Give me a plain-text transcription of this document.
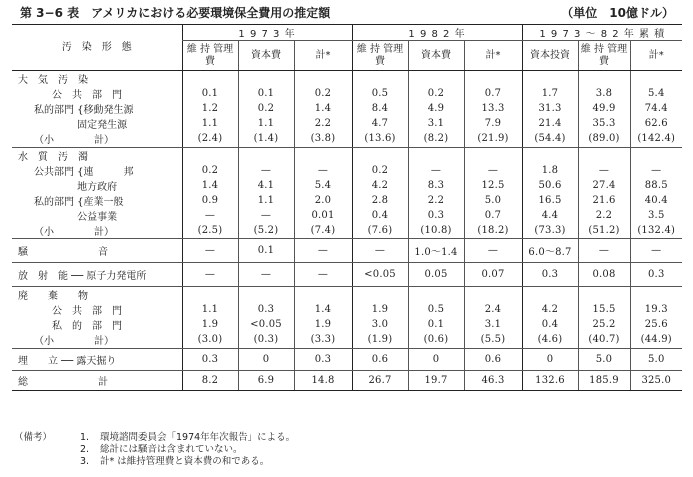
第 3−6 表　アメリカにおける必要環境保全費用の推定額	（単位　10億ドル）
汚　染　形　態	1 9 7 3 年			1 9 8 2 年			1 9 7 3 〜 8 2 年 累 積		
	維 持 管理費	資本費	計*	維 持 管理費	資本費	計*	資本投資	維 持 管理費	計*
大　気　汚　染									
公　共　部　門	0.1	0.1	0.2	0.5	0.2	0.7	1.7	3.8	5.4
私的部門 {移動発生源	1.2	0.2	1.4	8.4	4.9	13.3	31.3	49.9	74.4
　　　　 固定発生源	1.1	1.1	2.2	4.7	3.1	7.9	21.4	35.3	62.6
（小　　　　計）	(2.4)	(1.4)	(3.8)	(13.6)	(8.2)	(21.9)	(54.4)	(89.0)	(142.4)
水　質　汚　濁									
公共部門 {連　　　邦	0.2	—	—	0.2	—	—	1.8	—	—
　　　　 地方政府	1.4	4.1	5.4	4.2	8.3	12.5	50.6	27.4	88.5
私的部門 {産業一般	0.9	1.1	2.0	2.8	2.2	5.0	16.5	21.6	40.4
　　　　 公益事業	—	—	0.01	0.4	0.3	0.7	4.4	2.2	3.5
（小　　　　計）	(2.5)	(5.2)	(7.4)	(7.6)	(10.8)	(18.2)	(73.3)	(51.2)	(132.4)
騒　　　　　　　音	—	0.1	—	—	1.0〜1.4	—	6.0〜8.7	—	—
放　射　能 ── 原子力発電所	—	—	—	<0.05	0.05	0.07	0.3	0.08	0.3
廃　　棄　　物									
公　共　部　門	1.1	0.3	1.4	1.9	0.5	2.4	4.2	15.5	19.3
私　的　部　門	1.9	<0.05	1.9	3.0	0.1	3.1	0.4	25.2	25.6
（小　　　　計）	(3.0)	(0.3)	(3.3)	(1.9)	(0.6)	(5.5)	(4.6)	(40.7)	(44.9)
埋　　立 ── 露天掘り	0.3	0	0.3	0.6	0	0.6	0	5.0	5.0
総　　　　　　　計	8.2	6.9	14.8	26.7	19.7	46.3	132.6	185.9	325.0
（備考）	1.	環境諮問委員会「1974年年次報告」による。
2.	総計には騒音は含まれていない。
3.	計* は維持管理費と資本費の和である。
